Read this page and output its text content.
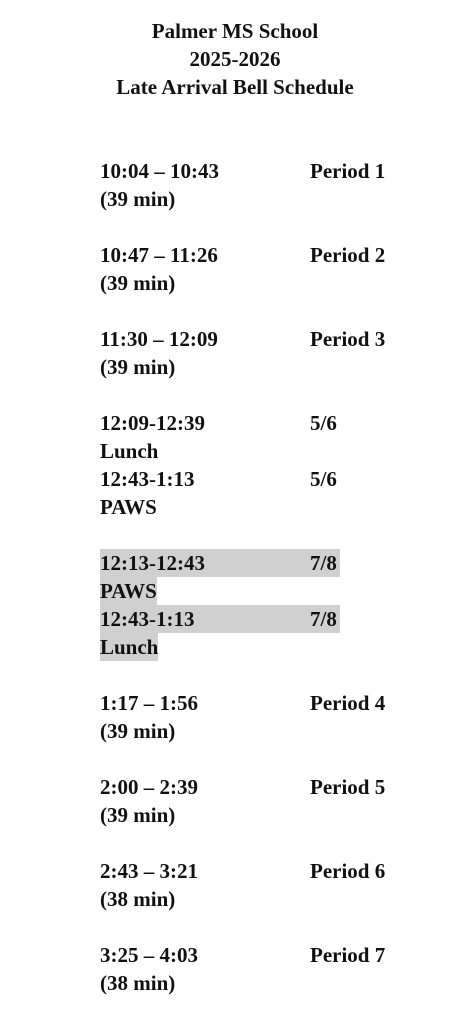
Palmer MS School
2025-2026
Late Arrival Bell Schedule
10:04 – 10:43	Period 1
(39 min)
10:47 – 11:26	Period 2
(39 min)
11:30 – 12:09	Period 3
(39 min)
12:09-12:39	5/6
Lunch
12:43-1:13	5/6
PAWS
12:13-12:43	7/8
PAWS
12:43-1:13	7/8
Lunch
1:17 – 1:56	Period 4
(39 min)
2:00 – 2:39	Period 5
(39 min)
2:43 – 3:21	Period 6
(38 min)
3:25 – 4:03	Period 7
(38 min)
